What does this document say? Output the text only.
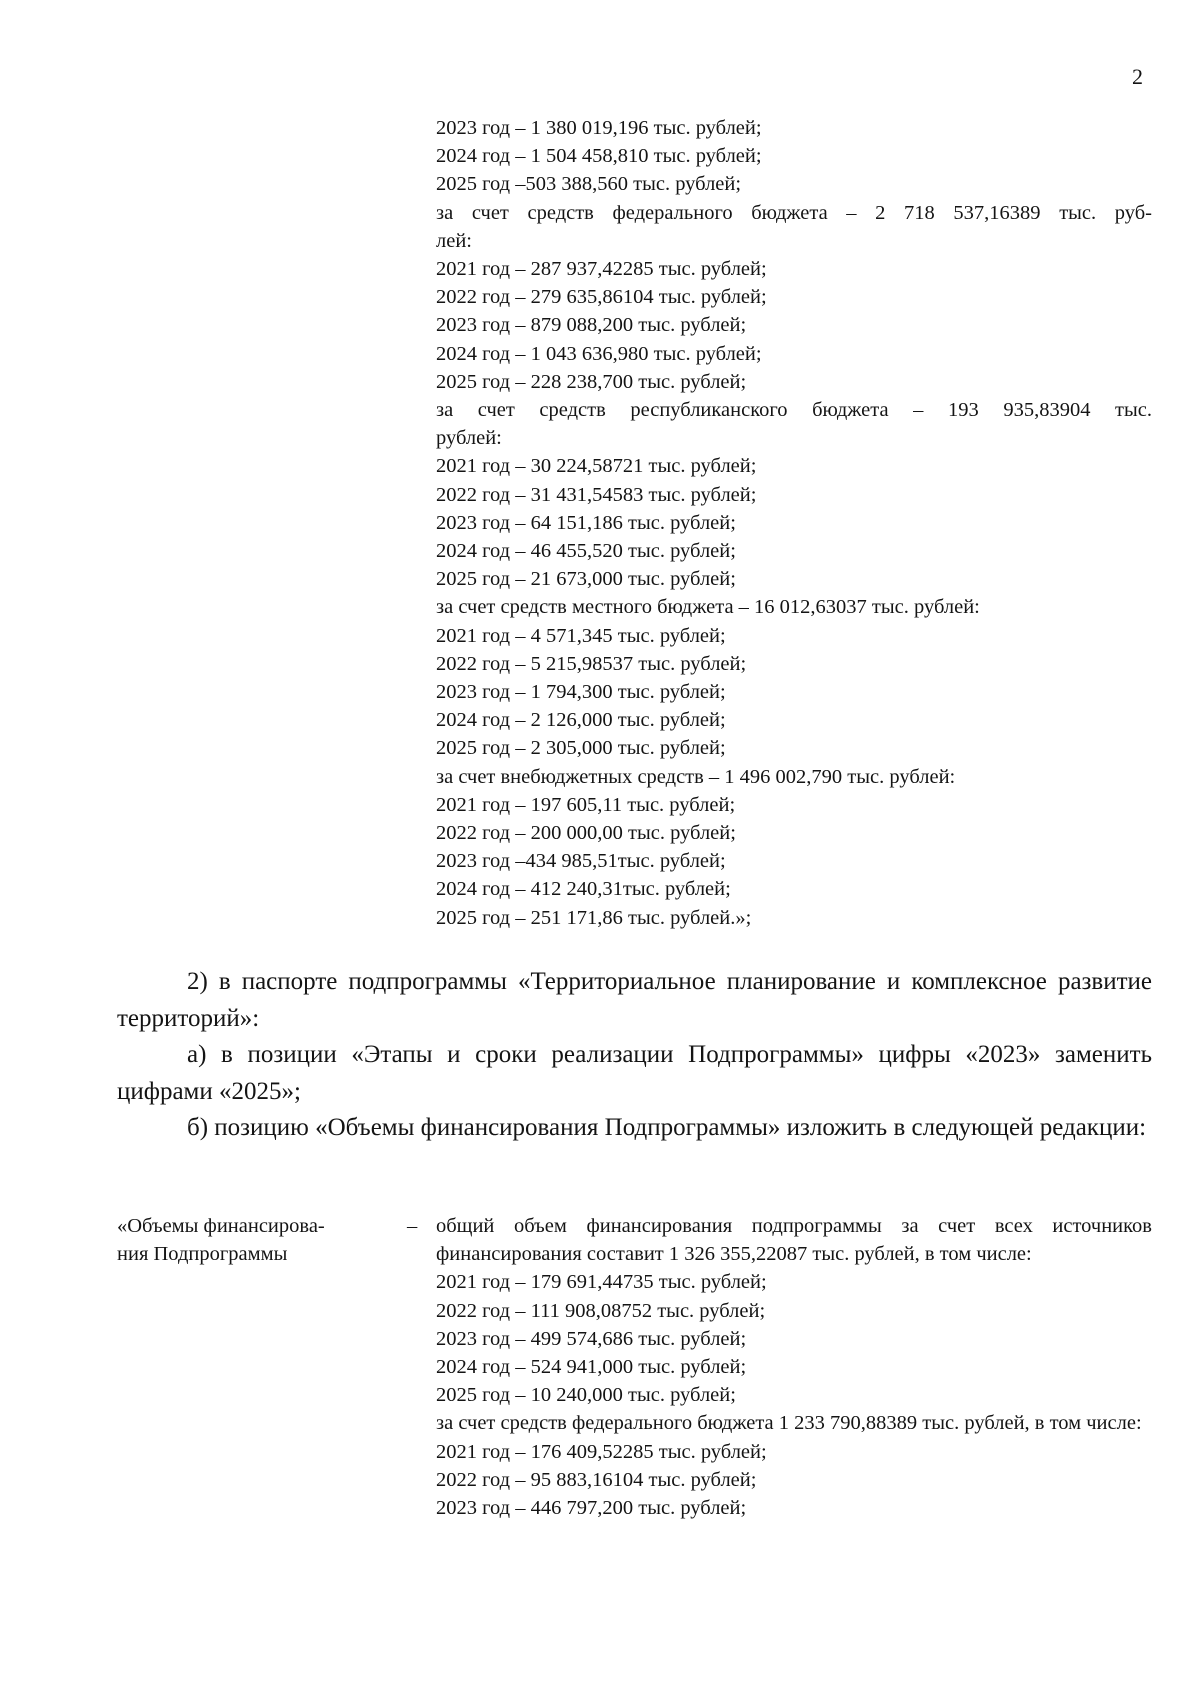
2
2023 год – 1 380 019,196 тыс. рублей;
2024 год – 1 504 458,810 тыс. рублей;
2025 год –503 388,560 тыс. рублей;
за счет средств федерального бюджета – 2 718 537,16389 тыс. руб-
лей:
2021 год – 287 937,42285 тыс. рублей;
2022 год – 279 635,86104 тыс. рублей;
2023 год – 879 088,200 тыс. рублей;
2024 год – 1 043 636,980 тыс. рублей;
2025 год – 228 238,700 тыс. рублей;
за счет средств республиканского бюджета – 193 935,83904 тыс.
рублей:
2021 год – 30 224,58721 тыс. рублей;
2022 год – 31 431,54583 тыс. рублей;
2023 год – 64 151,186 тыс. рублей;
2024 год – 46 455,520 тыс. рублей;
2025 год – 21 673,000 тыс. рублей;
за счет средств местного бюджета – 16 012,63037 тыс. рублей:
2021 год – 4 571,345 тыс. рублей;
2022 год – 5 215,98537 тыс. рублей;
2023 год – 1 794,300 тыс. рублей;
2024 год – 2 126,000 тыс. рублей;
2025 год – 2 305,000 тыс. рублей;
за счет внебюджетных средств – 1 496 002,790 тыс. рублей:
2021 год – 197 605,11 тыс. рублей;
2022 год – 200 000,00 тыс. рублей;
2023 год –434 985,51тыс. рублей;
2024 год – 412 240,31тыс. рублей;
2025 год – 251 171,86 тыс. рублей.»;
2) в паспорте подпрограммы «Территориальное планирование и комплексное развитие территорий»:
а) в позиции «Этапы и сроки реализации Подпрограммы» цифры «2023» заменить цифрами «2025»;
б) позицию «Объемы финансирования Подпрограммы» изложить в следующей редакции:
«Объемы финансирова-
ния Подпрограммы
– общий объем финансирования подпрограммы за счет всех источников финансирования составит 1 326 355,22087 тыс. рублей, в том числе:
2021 год – 179 691,44735 тыс. рублей;
2022 год – 111 908,08752 тыс. рублей;
2023 год – 499 574,686 тыс. рублей;
2024 год – 524 941,000 тыс. рублей;
2025 год – 10 240,000 тыс. рублей;
за счет средств федерального бюджета 1 233 790,88389 тыс. рублей, в том числе:
2021 год – 176 409,52285 тыс. рублей;
2022 год – 95 883,16104 тыс. рублей;
2023 год – 446 797,200 тыс. рублей;
